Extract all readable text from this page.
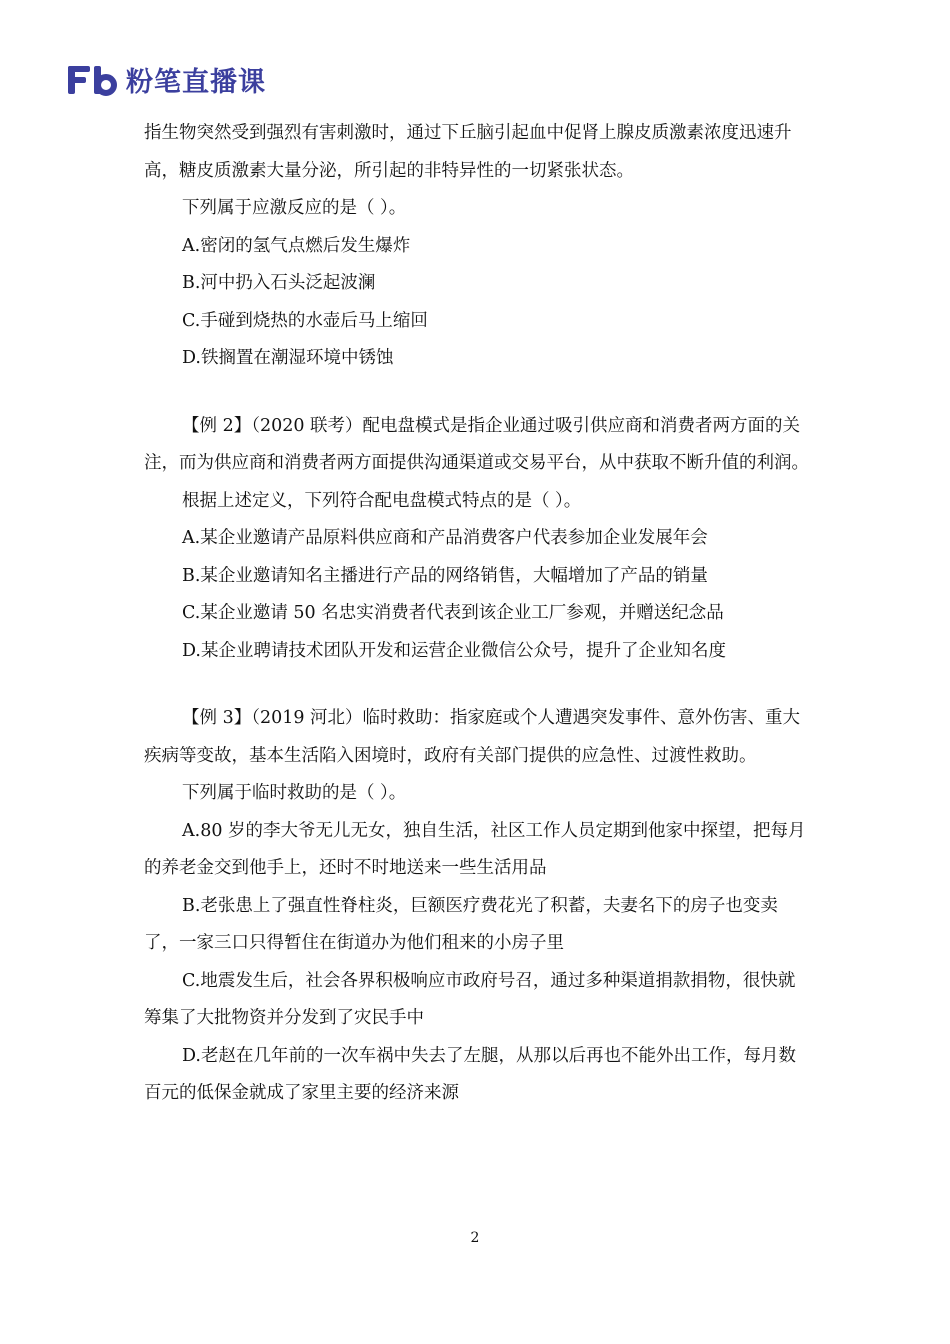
粉笔直播课

指生物突然受到强烈有害刺激时，通过下丘脑引起血中促肾上腺皮质激素浓度迅速升高，糖皮质激素大量分泌，所引起的非特异性的一切紧张状态。

下列属于应激反应的是（ ）。

A.密闭的氢气点燃后发生爆炸

B.河中扔入石头泛起波澜

C.手碰到烧热的水壶后马上缩回

D.铁搁置在潮湿环境中锈蚀

【例 2】（2020 联考）配电盘模式是指企业通过吸引供应商和消费者两方面的关注，而为供应商和消费者两方面提供沟通渠道或交易平台，从中获取不断升值的利润。

根据上述定义，下列符合配电盘模式特点的是（ ）。

A.某企业邀请产品原料供应商和产品消费客户代表参加企业发展年会

B.某企业邀请知名主播进行产品的网络销售，大幅增加了产品的销量

C.某企业邀请 50 名忠实消费者代表到该企业工厂参观，并赠送纪念品

D.某企业聘请技术团队开发和运营企业微信公众号，提升了企业知名度

【例 3】（2019 河北）临时救助：指家庭或个人遭遇突发事件、意外伤害、重大疾病等变故，基本生活陷入困境时，政府有关部门提供的应急性、过渡性救助。

下列属于临时救助的是（ ）。

A.80 岁的李大爷无儿无女，独自生活，社区工作人员定期到他家中探望，把每月的养老金交到他手上，还时不时地送来一些生活用品

B.老张患上了强直性脊柱炎，巨额医疗费花光了积蓄，夫妻名下的房子也变卖了，一家三口只得暂住在街道办为他们租来的小房子里

C.地震发生后，社会各界积极响应市政府号召，通过多种渠道捐款捐物，很快就筹集了大批物资并分发到了灾民手中

D.老赵在几年前的一次车祸中失去了左腿，从那以后再也不能外出工作，每月数百元的低保金就成了家里主要的经济来源

2
